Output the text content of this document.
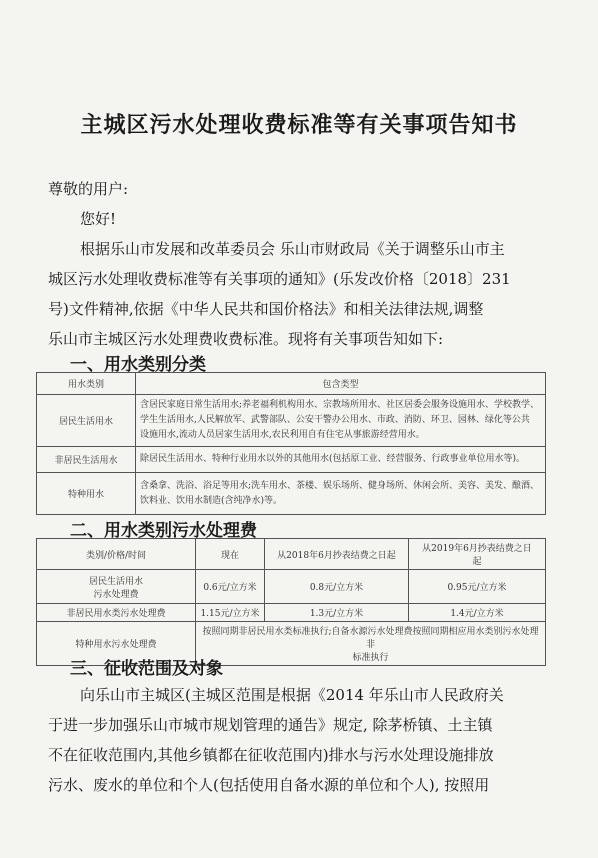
主城区污水处理收费标准等有关事项告知书
尊敬的用户:
您好!
根据乐山市发展和改革委员会 乐山市财政局《关于调整乐山市主
城区污水处理收费标准等有关事项的通知》(乐发改价格〔2018〕231
号)文件精神,依据《中华人民共和国价格法》和相关法律法规,调整
乐山市主城区污水处理费收费标准。现将有关事项告知如下:
一、用水类别分类
用水类别	包含类型
居民生活用水	含居民家庭日常生活用水;养老福利机构用水、宗教场所用水、社区居委会服务设施用水、学校教学、
学生生活用水,人民解放军、武警部队、公安干警办公用水、市政、消防、环卫、园林、绿化等公共
设施用水,流动人员居家生活用水,农民利用自有住宅从事旅游经营用水。

非居民生活用水	除居民生活用水、特种行业用水以外的其他用水(包括原工业、经营服务、行政事业单位用水等)。

特种用水	含桑拿、洗浴、浴足等用水;洗车用水、茶楼、娱乐场所、健身场所、休闲会所、美容、美发、酿酒、
饮料业、饮用水制造(含纯净水)等。
二、用水类别污水处理费
类别/价格/时间	现在	从2018年6月抄表结费之日起	从2019年6月抄表结费之日
起

居民生活用水
污水处理费	0.6元/立方米	0.8元/立方米	0.95元/立方米
非居民用水类污水处理费	1.15元/立方米	1.3元/立方米	1.4元/立方米
特种用水污水处理费	按照同期非居民用水类标准执行;自备水源污水处理费按照同期相应用水类别污水处理非
标准执行		
三、征收范围及对象
向乐山市主城区(主城区范围是根据《2014 年乐山市人民政府关
于进一步加强乐山市城市规划管理的通告》规定, 除茅桥镇、土主镇
不在征收范围内,其他乡镇都在征收范围内)排水与污水处理设施排放
污水、废水的单位和个人(包括使用自备水源的单位和个人), 按照用
